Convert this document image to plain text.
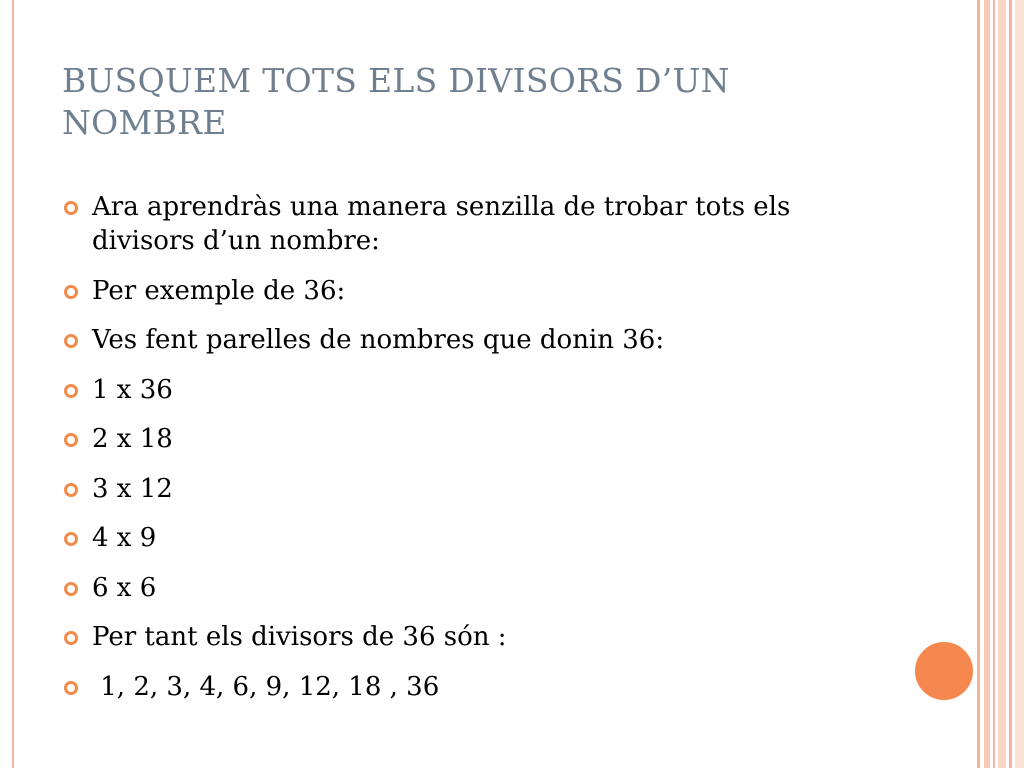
BUSQUEM TOTS ELS DIVISORS D’UN NOMBRE
Ara aprendràs una manera senzilla de trobar tots els divisors d’un nombre:
Per exemple de 36:
Ves fent parelles de nombres que donin 36:
1 x 36
2 x 18
3 x 12
4 x 9
6 x 6
Per tant els divisors de 36 són :
1, 2, 3, 4, 6, 9, 12, 18 , 36
